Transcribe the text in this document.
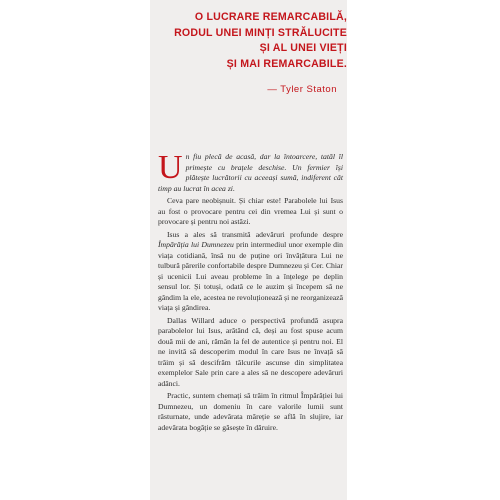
O LUCRARE REMARCABILĂ,
RODUL UNEI MINȚI STRĂLUCITE
ȘI AL UNEI VIEȚI
ȘI MAI REMARCABILE.
— Tyler Staton

Un fiu plecă de acasă, dar la întoarcere, tatăl îl primește cu brațele deschise. Un fermier își plătește lucrătorii cu aceeași sumă, indiferent cât timp au lucrat în acea zi.

Ceva pare neobișnuit. Și chiar este! Parabolele lui Isus au fost o provocare pentru cei din vremea Lui și sunt o provocare și pentru noi astăzi.

Isus a ales să transmită adevăruri profunde despre Împărăția lui Dumnezeu prin intermediul unor exemple din viața cotidiană, însă nu de puține ori învățătura Lui ne tulbură părerile confortabile despre Dumnezeu și Cer. Chiar și ucenicii Lui aveau probleme în a înțelege pe deplin sensul lor. Și totuși, odată ce le auzim și începem să ne gândim la ele, acestea ne revoluționează și ne reorganizează viața și gândirea.

Dallas Willard aduce o perspectivă profundă asupra parabolelor lui Isus, arătând că, deși au fost spuse acum două mii de ani, rămân la fel de autentice și pentru noi. El ne invită să descoperim modul în care Isus ne învață să trăim și să descifrăm tâlcurile ascunse din simplitatea exemplelor Sale prin care a ales să ne descopere adevăruri adânci.

Practic, suntem chemați să trăim în ritmul Împărăției lui Dumnezeu, un domeniu în care valorile lumii sunt răsturnate, unde adevărata măreție se află în slujire, iar adevărata bogăție se găsește în dăruire.
